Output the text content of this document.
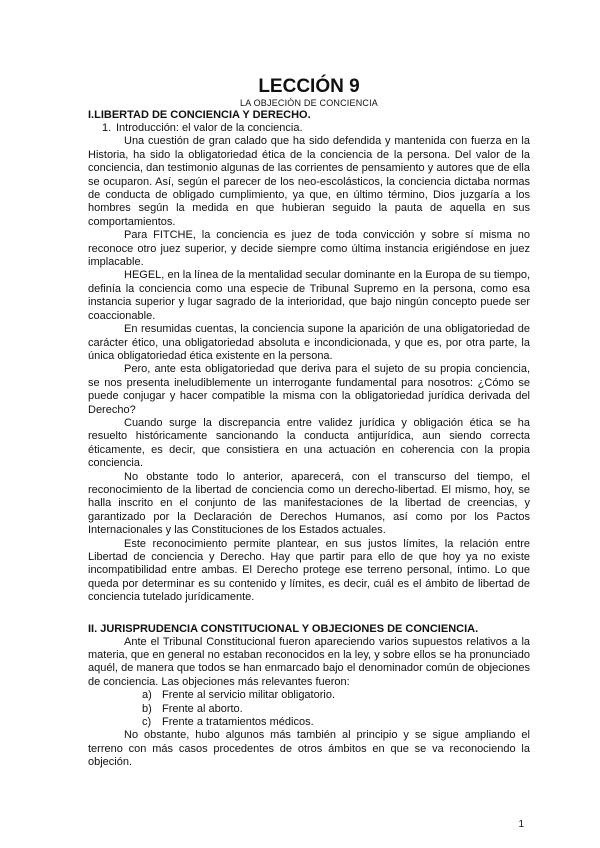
LECCIÓN 9
LA OBJECIÓN DE CONCIENCIA
I.LIBERTAD DE CONCIENCIA Y DERECHO.
1. Introducción: el valor de la conciencia.

Una cuestión de gran calado que ha sido defendida y mantenida con fuerza en la Historia, ha sido la obligatoriedad ética de la conciencia de la persona. Del valor de la conciencia, dan testimonio algunas de las corrientes de pensamiento y autores que de ella se ocuparon. Así, según el parecer de los neo-escolásticos, la conciencia dictaba normas de conducta de obligado cumplimiento, ya que, en último término, Dios juzgaría a los hombres según la medida en que hubieran seguido la pauta de aquella en sus comportamientos.

Para FITCHE, la conciencia es juez de toda convicción y sobre sí misma no reconoce otro juez superior, y decide siempre como última instancia erigiéndose en juez implacable.

HEGEL, en la línea de la mentalidad secular dominante en la Europa de su tiempo, definía la conciencia como una especie de Tribunal Supremo en la persona, como esa instancia superior y lugar sagrado de la interioridad, que bajo ningún concepto puede ser coaccionable.

En resumidas cuentas, la conciencia supone la aparición de una obligatoriedad de carácter ético, una obligatoriedad absoluta e incondicionada, y que es, por otra parte, la única obligatoriedad ética existente en la persona.

Pero, ante esta obligatoriedad que deriva para el sujeto de su propia conciencia, se nos presenta ineludiblemente un interrogante fundamental para nosotros: ¿Cómo se puede conjugar y hacer compatible la misma con la obligatoriedad jurídica derivada del Derecho?

Cuando surge la discrepancia entre validez jurídica y obligación ética se ha resuelto históricamente sancionando la conducta antijurídica, aun siendo correcta éticamente, es decir, que consistiera en una actuación en coherencia con la propia conciencia.

No obstante todo lo anterior, aparecerá, con el transcurso del tiempo, el reconocimiento de la libertad de conciencia como un derecho-libertad. El mismo, hoy, se halla inscrito en el conjunto de las manifestaciones de la libertad de creencias, y garantizado por la Declaración de Derechos Humanos, así como por los Pactos Internacionales y las Constituciones de los Estados actuales.

Este reconocimiento permite plantear, en sus justos límites, la relación entre Libertad de conciencia y Derecho. Hay que partir para ello de que hoy ya no existe incompatibilidad entre ambas. El Derecho protege ese terreno personal, íntimo. Lo que queda por determinar es su contenido y límites, es decir, cuál es el ámbito de libertad de conciencia tutelado jurídicamente.

II. JURISPRUDENCIA CONSTITUCIONAL Y OBJECIONES DE CONCIENCIA.

Ante el Tribunal Constitucional fueron apareciendo varios supuestos relativos a la materia, que en general no estaban reconocidos en la ley, y sobre ellos se ha pronunciado aquél, de manera que todos se han enmarcado bajo el denominador común de objeciones de conciencia. Las objeciones más relevantes fueron:

a) Frente al servicio militar obligatorio.
b) Frente al aborto.
c) Frente a tratamientos médicos.

No obstante, hubo algunos más también al principio y se sigue ampliando el terreno con más casos procedentes de otros ámbitos en que se va reconociendo la objeción.

1
